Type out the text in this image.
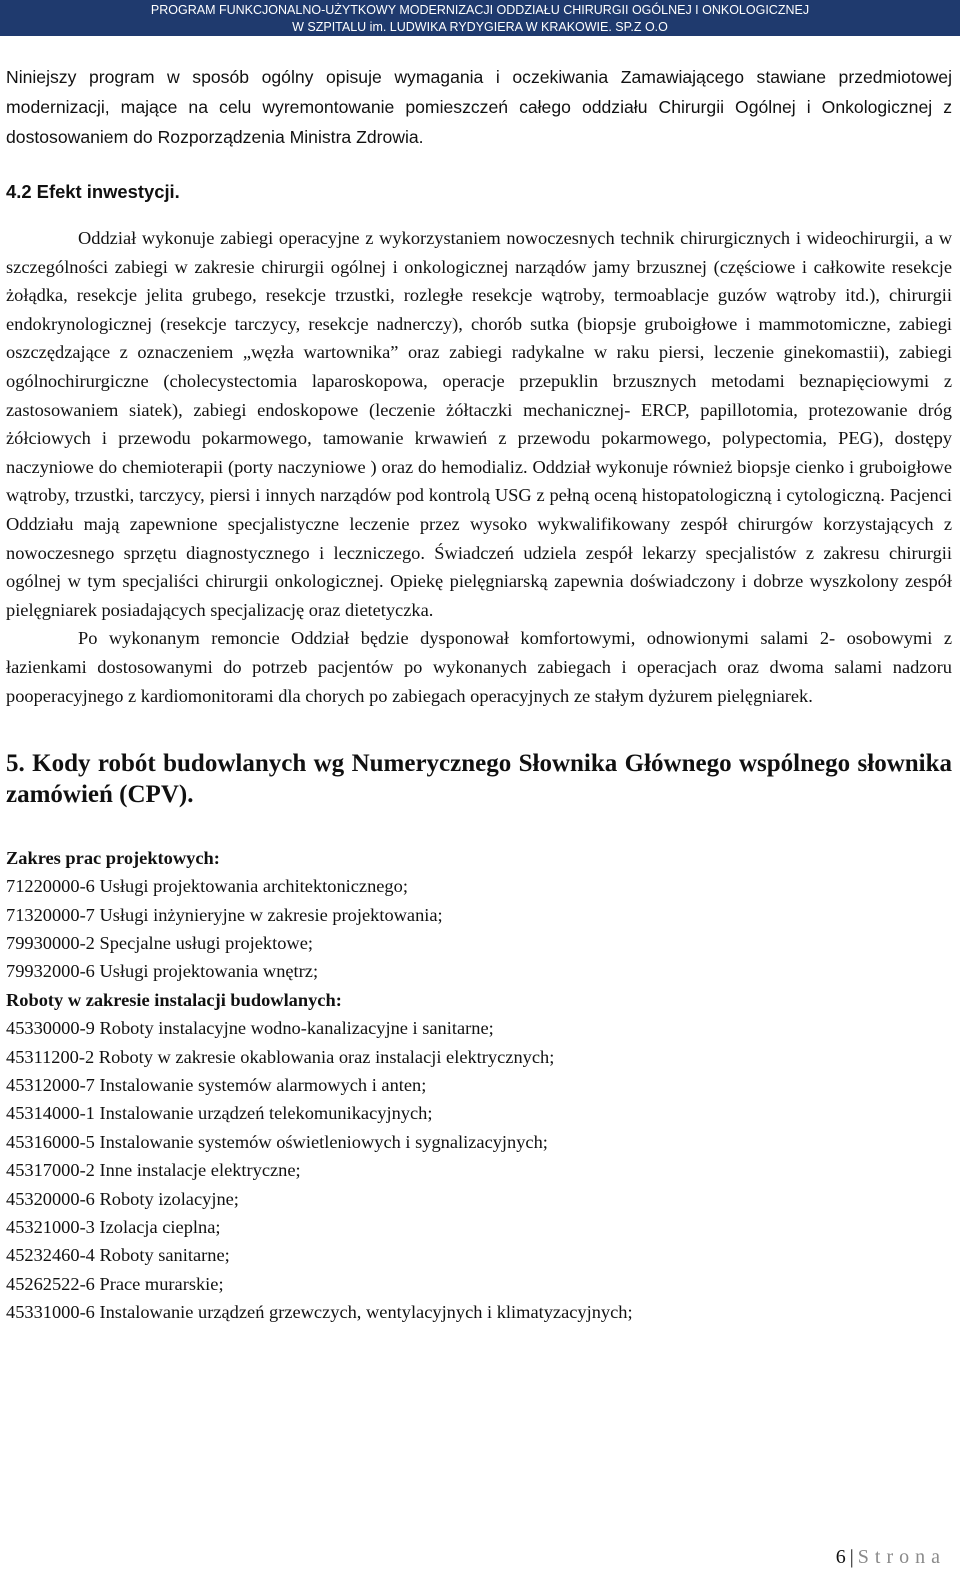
PROGRAM FUNKCJONALNO-UŻYTKOWY MODERNIZACJI ODDZIAŁU CHIRURGII OGÓLNEJ I ONKOLOGICZNEJ
W SZPITALU im. LUDWIKA RYDYGIERA W KRAKOWIE. SP.Z O.O

Niniejszy program w sposób ogólny opisuje wymagania i oczekiwania Zamawiającego stawiane przedmiotowej modernizacji, mające na celu wyremontowanie pomieszczeń całego oddziału Chirurgii Ogólnej i Onkologicznej z dostosowaniem do Rozporządzenia Ministra Zdrowia.

4.2 Efekt inwestycji.

Oddział wykonuje zabiegi operacyjne z wykorzystaniem nowoczesnych technik chirurgicznych i wideochirurgii, a w szczególności zabiegi w zakresie chirurgii ogólnej i onkologicznej narządów jamy brzusznej (częściowe i całkowite resekcje żołądka, resekcje jelita grubego, resekcje trzustki, rozległe resekcje wątroby, termoablacje guzów wątroby itd.), chirurgii endokrynologicznej (resekcje tarczycy, resekcje nadnerczy), chorób sutka (biopsje gruboigłowe i mammotomiczne, zabiegi oszczędzające z oznaczeniem „węzła wartownika” oraz zabiegi radykalne w raku piersi, leczenie ginekomastii), zabiegi ogólnochirurgiczne (cholecystectomia laparoskopowa, operacje przepuklin brzusznych metodami beznapięciowymi z zastosowaniem siatek), zabiegi endoskopowe (leczenie żółtaczki mechanicznej- ERCP, papillotomia, protezowanie dróg żółciowych i przewodu pokarmowego, tamowanie krwawień z przewodu pokarmowego, polypectomia, PEG), dostępy naczyniowe do chemioterapii (porty naczyniowe ) oraz do hemodializ. Oddział wykonuje również biopsje cienko i gruboigłowe wątroby, trzustki, tarczycy, piersi i innych narządów pod kontrolą USG z pełną oceną histopatologiczną i cytologiczną. Pacjenci Oddziału mają zapewnione specjalistyczne leczenie przez wysoko wykwalifikowany zespół chirurgów korzystających z nowoczesnego sprzętu diagnostycznego i leczniczego. Świadczeń udziela zespół lekarzy specjalistów z zakresu chirurgii ogólnej w tym specjaliści chirurgii onkologicznej. Opiekę pielęgniarską zapewnia doświadczony i dobrze wyszkolony zespół pielęgniarek posiadających specjalizację oraz dietetyczka.

Po wykonanym remoncie Oddział będzie dysponował komfortowymi, odnowionymi salami 2- osobowymi z łazienkami dostosowanymi do potrzeb pacjentów po wykonanych zabiegach i operacjach oraz dwoma salami nadzoru pooperacyjnego z kardiomonitorami dla chorych po zabiegach operacyjnych ze stałym dyżurem pielęgniarek.

5. Kody robót budowlanych wg Numerycznego Słownika Głównego wspólnego słownika zamówień (CPV).
Zakres prac projektowych:
71220000-6 Usługi projektowania architektonicznego;
71320000-7 Usługi inżynieryjne w zakresie projektowania;
79930000-2 Specjalne usługi projektowe;
79932000-6 Usługi projektowania wnętrz;
Roboty w zakresie instalacji budowlanych:
45330000-9 Roboty instalacyjne wodno-kanalizacyjne i sanitarne;
45311200-2 Roboty w zakresie okablowania oraz instalacji elektrycznych;
45312000-7 Instalowanie systemów alarmowych i anten;
45314000-1 Instalowanie urządzeń telekomunikacyjnych;
45316000-5 Instalowanie systemów oświetleniowych i sygnalizacyjnych;
45317000-2 Inne instalacje elektryczne;
45320000-6 Roboty izolacyjne;
45321000-3 Izolacja cieplna;
45232460-4 Roboty sanitarne;
45262522-6 Prace murarskie;
45331000-6 Instalowanie urządzeń grzewczych, wentylacyjnych i klimatyzacyjnych;
6 | Strona
